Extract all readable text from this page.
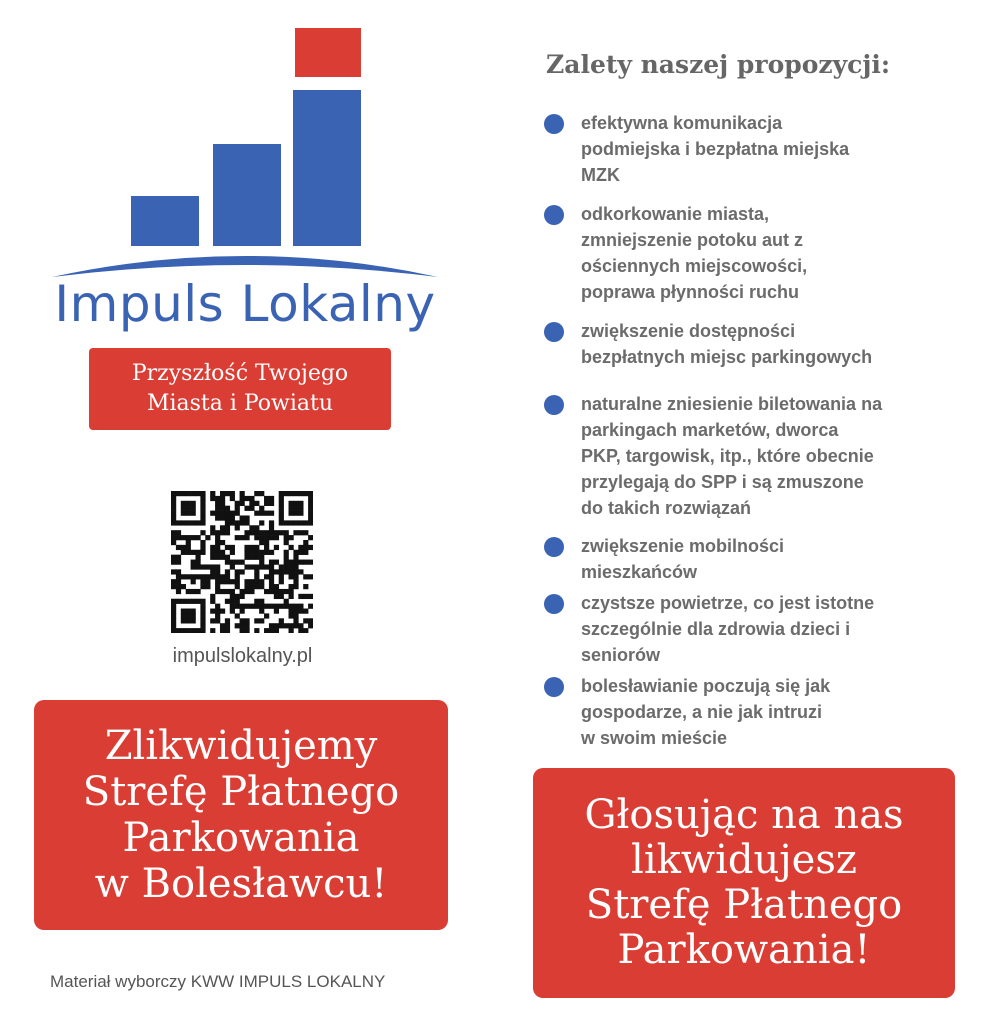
Impuls Lokalny
Przyszłość Twojego
Miasta i Powiatu
impulslokalny.pl
Zlikwidujemy
Strefę Płatnego
Parkowania
w Bolesławcu!
Materiał wyborczy KWW IMPULS LOKALNY
Zalety naszej propozycji:
efektywna komunikacja
podmiejska i bezpłatna miejska
MZK
odkorkowanie miasta,
zmniejszenie potoku aut z
ościennych miejscowości,
poprawa płynności ruchu
zwiększenie dostępności
bezpłatnych miejsc parkingowych
naturalne zniesienie biletowania na
parkingach marketów, dworca
PKP, targowisk, itp., które obecnie
przylegają do SPP i są zmuszone
do takich rozwiązań
zwiększenie mobilności
mieszkańców
czystsze powietrze, co jest istotne
szczególnie dla zdrowia dzieci i
seniorów
bolesławianie poczują się jak
gospodarze, a nie jak intruzi
w swoim mieście
Głosując na nas
likwidujesz
Strefę Płatnego
Parkowania!
